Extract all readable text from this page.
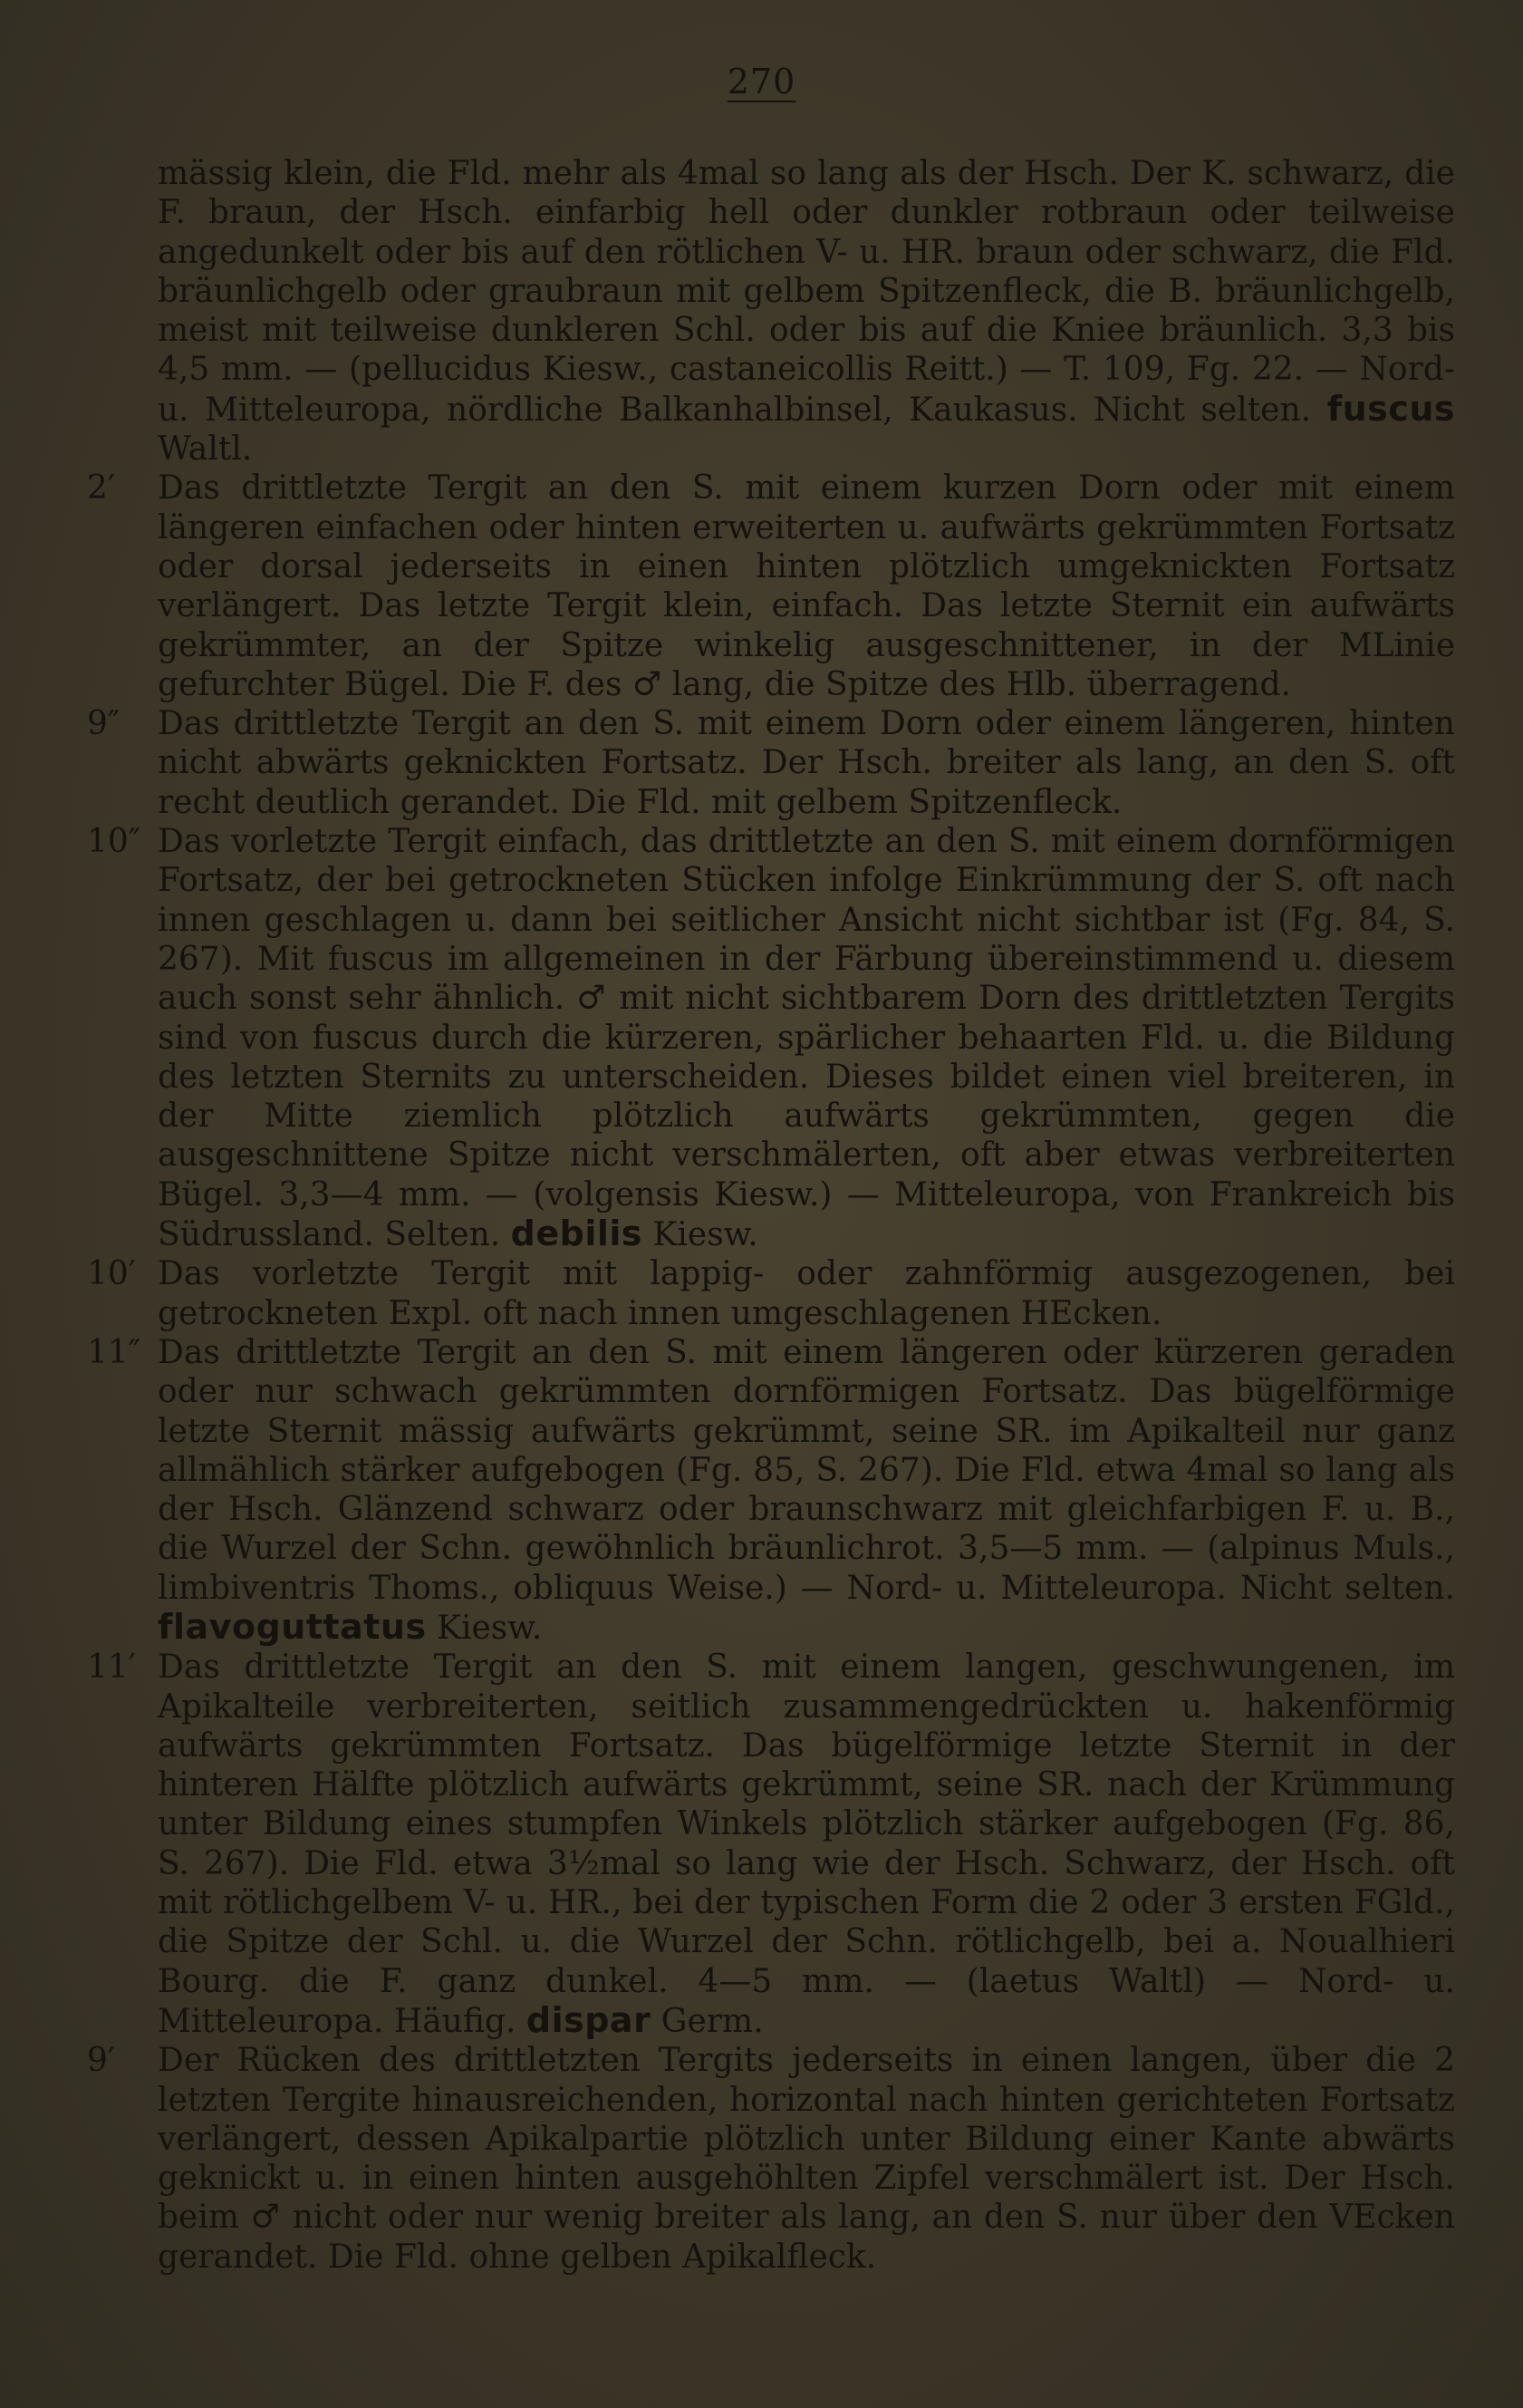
270
mässig klein, die Fld. mehr als 4mal so lang als der Hsch. Der K. schwarz, die F. braun, der Hsch. einfarbig hell oder dunkler rotbraun oder teilweise angedunkelt oder bis auf den rötlichen V- u. HR. braun oder schwarz, die Fld. bräunlichgelb oder graubraun mit gelbem Spitzenfleck, die B. bräunlichgelb, meist mit teilweise dunkleren Schl. oder bis auf die Kniee bräunlich. 3,3 bis 4,5 mm. — (pellucidus Kiesw., castaneicollis Reitt.) — T. 109, Fg. 22. — Nord- u. Mitteleuropa, nördliche Balkanhalbinsel, Kaukasus. Nicht selten. fuscus Waltl.
2′	Das drittletzte Tergit an den S. mit einem kurzen Dorn oder mit einem längeren einfachen oder hinten erweiterten u. aufwärts gekrümmten Fortsatz oder dorsal jederseits in einen hinten plötzlich umgeknickten Fortsatz verlängert. Das letzte Tergit klein, einfach. Das letzte Sternit ein aufwärts gekrümmter, an der Spitze winkelig ausgeschnittener, in der MLinie gefurchter Bügel. Die F. des ♂ lang, die Spitze des Hlb. überragend.
9″	Das drittletzte Tergit an den S. mit einem Dorn oder einem längeren, hinten nicht abwärts geknickten Fortsatz. Der Hsch. breiter als lang, an den S. oft recht deutlich gerandet. Die Fld. mit gelbem Spitzenfleck.
10″ Das vorletzte Tergit einfach, das drittletzte an den S. mit einem dornförmigen Fortsatz, der bei getrockneten Stücken infolge Einkrümmung der S. oft nach innen geschlagen u. dann bei seitlicher Ansicht nicht sichtbar ist (Fg. 84, S. 267). Mit fuscus im allgemeinen in der Färbung übereinstimmend u. diesem auch sonst sehr ähnlich. ♂ mit nicht sichtbarem Dorn des drittletzten Tergits sind von fuscus durch die kürzeren, spärlicher behaarten Fld. u. die Bildung des letzten Sternits zu unterscheiden. Dieses bildet einen viel breiteren, in der Mitte ziemlich plötzlich aufwärts gekrümmten, gegen die ausgeschnittene Spitze nicht verschmälerten, oft aber etwas verbreiterten Bügel. 3,3—4 mm. — (volgensis Kiesw.) — Mitteleuropa, von Frankreich bis Südrussland. Selten. debilis Kiesw.
10′ Das vorletzte Tergit mit lappig- oder zahnförmig ausgezogenen, bei getrockneten Expl. oft nach innen umgeschlagenen HEcken.
11″ Das drittletzte Tergit an den S. mit einem längeren oder kürzeren geraden oder nur schwach gekrümmten dornförmigen Fortsatz. Das bügelförmige letzte Sternit mässig aufwärts gekrümmt, seine SR. im Apikalteil nur ganz allmählich stärker aufgebogen (Fg. 85, S. 267). Die Fld. etwa 4mal so lang als der Hsch. Glänzend schwarz oder braunschwarz mit gleichfarbigen F. u. B., die Wurzel der Schn. gewöhnlich bräunlichrot. 3,5—5 mm. — (alpinus Muls., limbiventris Thoms., obliquus Weise.) — Nord- u. Mitteleuropa. Nicht selten. flavoguttatus Kiesw.
11′ Das drittletzte Tergit an den S. mit einem langen, geschwungenen, im Apikalteile verbreiterten, seitlich zusammengedrückten u. hakenförmig aufwärts gekrümmten Fortsatz. Das bügelförmige letzte Sternit in der hinteren Hälfte plötzlich aufwärts gekrümmt, seine SR. nach der Krümmung unter Bildung eines stumpfen Winkels plötzlich stärker aufgebogen (Fg. 86, S. 267). Die Fld. etwa 3½mal so lang wie der Hsch. Schwarz, der Hsch. oft mit rötlichgelbem V- u. HR., bei der typischen Form die 2 oder 3 ersten FGld., die Spitze der Schl. u. die Wurzel der Schn. rötlichgelb, bei a. Noualhieri Bourg. die F. ganz dunkel. 4—5 mm. — (laetus Waltl) — Nord- u. Mitteleuropa. Häufig. dispar Germ.
9′	Der Rücken des drittletzten Tergits jederseits in einen langen, über die 2 letzten Tergite hinausreichenden, horizontal nach hinten gerichteten Fortsatz verlängert, dessen Apikalpartie plötzlich unter Bildung einer Kante abwärts geknickt u. in einen hinten ausgehöhlten Zipfel verschmälert ist. Der Hsch. beim ♂ nicht oder nur wenig breiter als lang, an den S. nur über den VEcken gerandet. Die Fld. ohne gelben Apikalfleck.
